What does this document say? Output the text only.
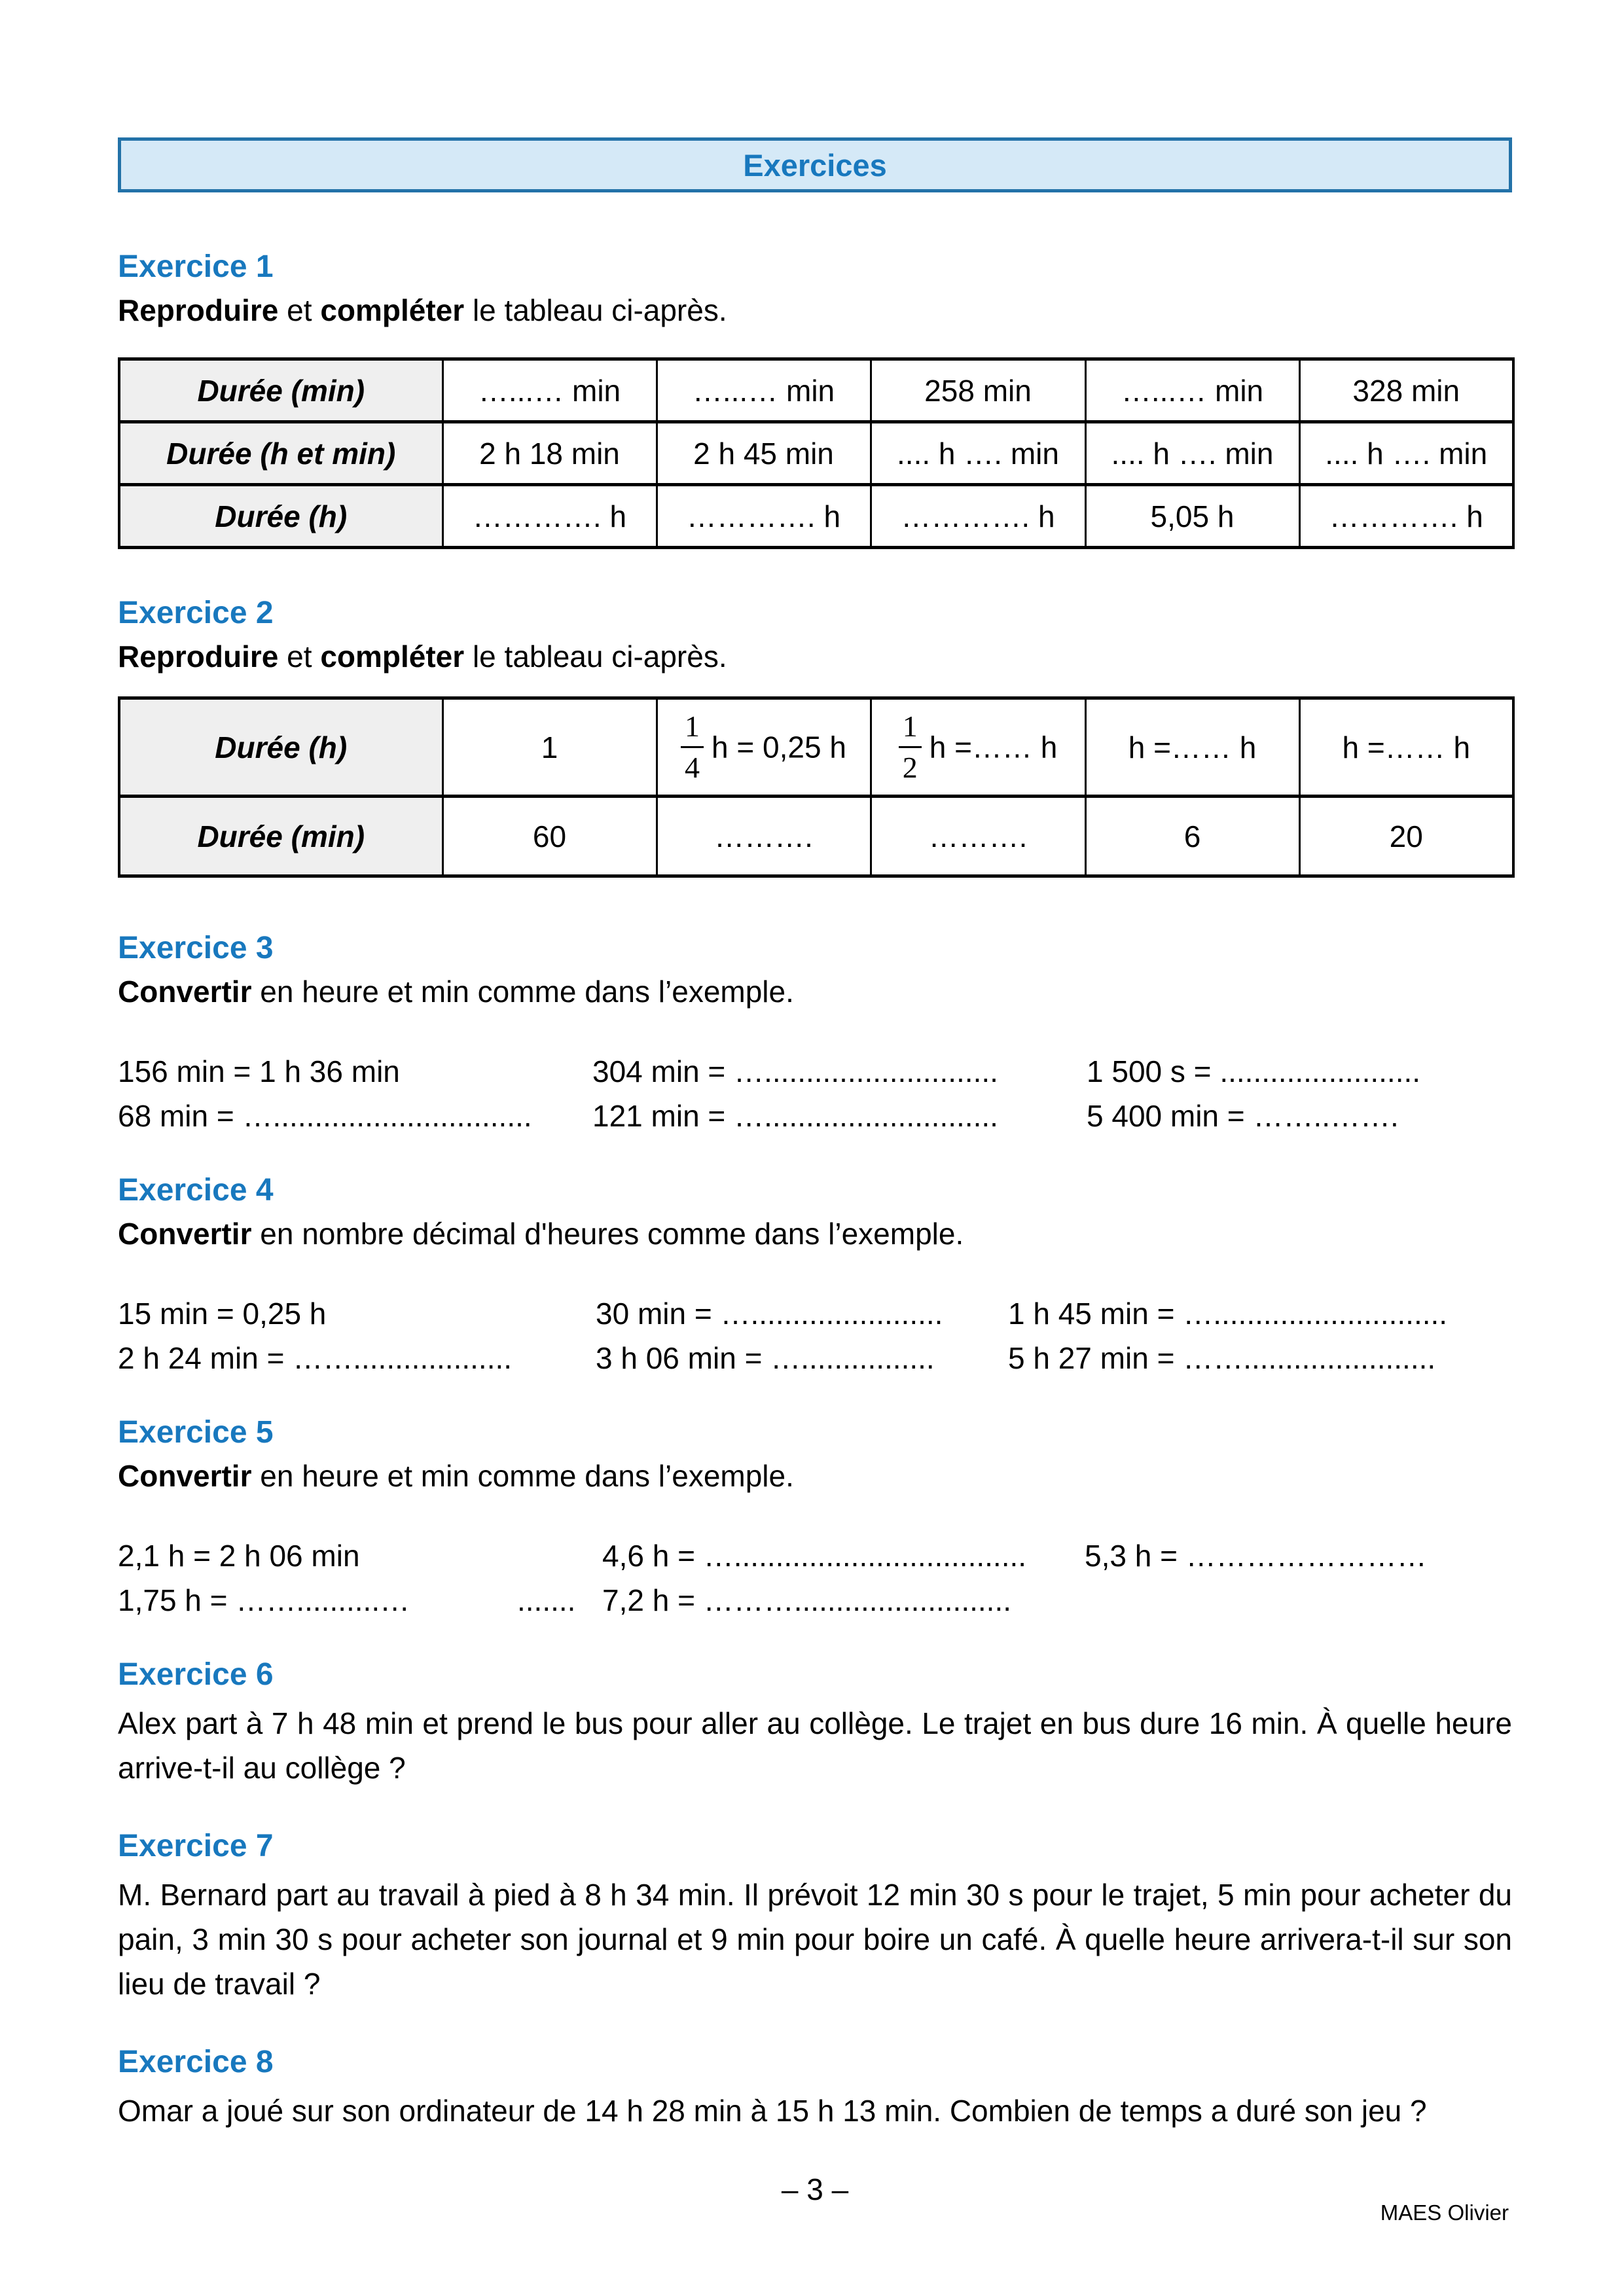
Exercices
Exercice 1

Reproduire et compléter le tableau ci-après.

Durée (min)	…...… min	…...… min	258 min	…...… min	328 min
Durée (h et min)	2 h 18 min	2 h 45 min	.... h …. min	.... h …. min	.... h …. min
Durée (h)	…………. h	…………. h	…………. h	5,05 h	…………. h
Exercice 2

Reproduire et compléter le tableau ci-après.

Durée (h)	1	$\frac{1}{4}$ h = 0,25 h	$\frac{1}{2}$ h =…… h	h =…… h	h =…… h
Durée (min)	60	……….	……….	6	20
Exercice 3

Convertir en heure et min comme dans l’exemple.

156 min = 1 h 36 min	304 min = …............................	1 500 s = ........................
68 min = …...............................	121 min = …............................	5 400 min = ……..…….
Exercice 4

Convertir en nombre décimal d'heures comme dans l’exemple.

15 min = 0,25 h	30 min = ….......................	1 h 45 min = …............................
2 h 24 min = ……...................	3 h 06 min = …................	5 h 27 min = …….......................
Exercice 5

Convertir en heure et min comme dans l’exemple.

2,1 h = 2 h 06 min	4,6 h = …...................................	5,3 h = ……………………
1,75 h = ……..........…	....... 7,2 h = ………..........................
Exercice 6

Alex part à 7 h 48 min et prend le bus pour aller au collège. Le trajet en bus dure 16 min. À quelle heure arrive-t-il au collège ?

Exercice 7

M. Bernard part au travail à pied à 8 h 34 min. Il prévoit 12 min 30 s pour le trajet, 5 min pour acheter du pain, 3 min 30 s pour acheter son journal et 9 min pour boire un café. À quelle heure arrivera-t-il sur son lieu de travail ?

Exercice 8

Omar a joué sur son ordinateur de 14 h 28 min à 15 h 13 min. Combien de temps a duré son jeu ?

– 3 –
MAES Olivier
